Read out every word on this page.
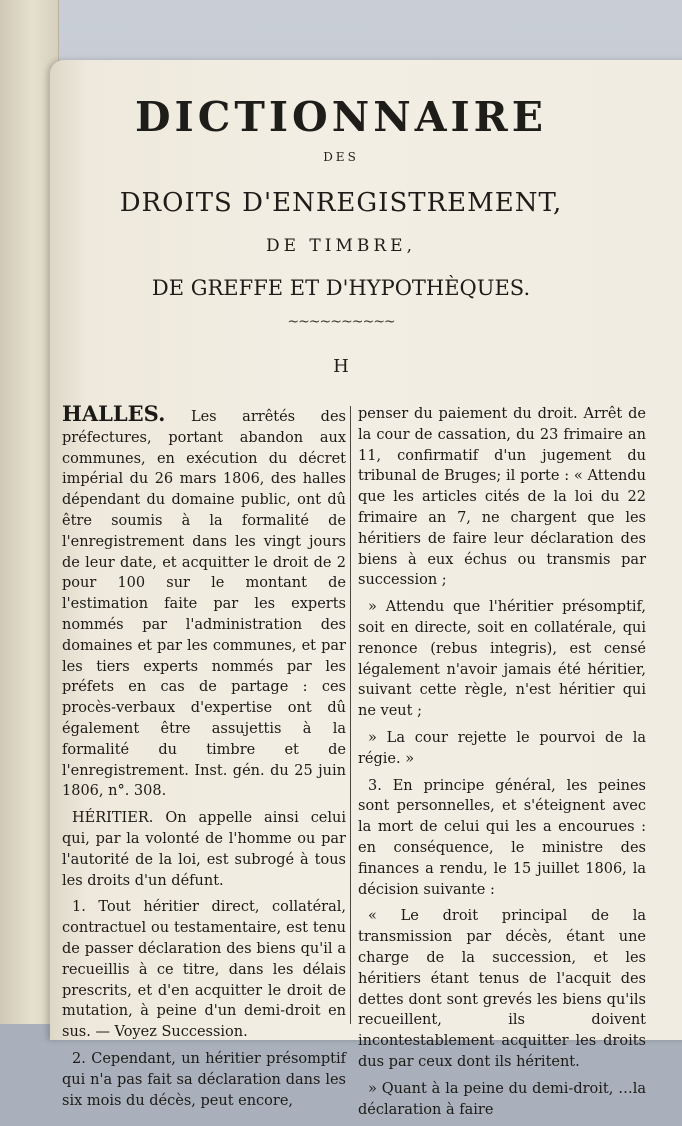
DICTIONNAIRE
DES
DROITS D'ENREGISTREMENT,
DE TIMBRE,
DE GREFFE ET D'HYPOTHÈQUES.
~~~~~~~~~~
H

HALLES. Les arrêtés des préfectures, portant abandon aux communes, en exécution du décret impérial du 26 mars 1806, des halles dépendant du domaine public, ont dû être soumis à la formalité de l'enregistrement dans les vingt jours de leur date, et acquitter le droit de 2 pour 100 sur le montant de l'estimation faite par les experts nommés par l'administration des domaines et par les communes, et par les tiers experts nommés par les préfets en cas de partage : ces procès-verbaux d'expertise ont dû également être assujettis à la formalité du timbre et de l'enregistrement. Inst. gén. du 25 juin 1806, n°. 308.

HÉRITIER. On appelle ainsi celui qui, par la volonté de l'homme ou par l'autorité de la loi, est subrogé à tous les droits d'un défunt.

1. Tout héritier direct, collatéral, contractuel ou testamentaire, est tenu de passer déclaration des biens qu'il a recueillis à ce titre, dans les délais prescrits, et d'en acquitter le droit de mutation, à peine d'un demi-droit en sus. — Voyez Succession.

2. Cependant, un héritier présomptif qui n'a pas fait sa déclaration dans les six mois du décès, peut encore,

penser du paiement du droit. Arrêt de la cour de cassation, du 23 frimaire an 11, confirmatif d'un jugement du tribunal de Bruges; il porte : « Attendu que les articles cités de la loi du 22 frimaire an 7, ne chargent que les héritiers de faire leur déclaration des biens à eux échus ou transmis par succession ;

» Attendu que l'héritier présomptif, soit en directe, soit en collatérale, qui renonce (rebus integris), est censé légalement n'avoir jamais été héritier, suivant cette règle, n'est héritier qui ne veut ;

» La cour rejette le pourvoi de la régie. »

3. En principe général, les peines sont personnelles, et s'éteignent avec la mort de celui qui les a encourues : en conséquence, le ministre des finances a rendu, le 15 juillet 1806, la décision suivante :

« Le droit principal de la transmission par décès, étant une charge de la succession, et les héritiers étant tenus de l'acquit des dettes dont sont grevés les biens qu'ils recueillent, ils doivent incontestablement acquitter les droits dus par ceux dont ils héritent.

» Quant à la peine du demi-droit, …la déclaration à faire
